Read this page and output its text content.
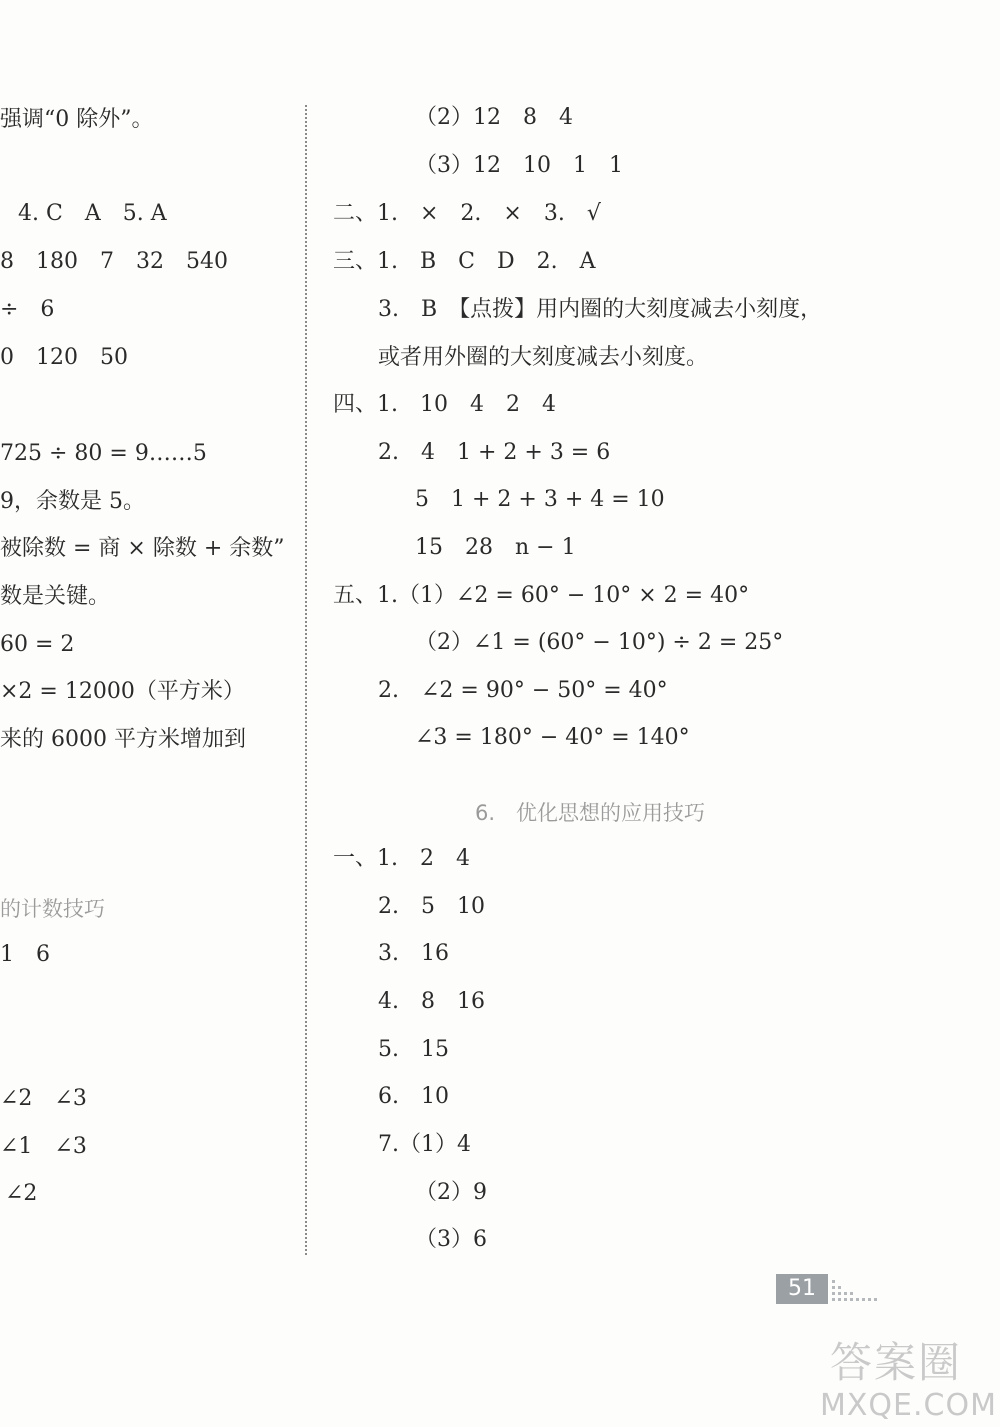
强调“0 除外”。
4. C　A　5. A
8　180　7　32　540
÷　6
0　120　50
725 ÷ 80 = 9……5
9，余数是 5。
被除数 = 商 × 除数 + 余数”
数是关键。
60 = 2
×2 = 12000（平方米）
来的 6000 平方米增加到
的计数技巧
1　6
∠2　∠3
∠1　∠3
∠2
（2）12　8　4
（3）12　10　1　1
二、1.　×　2.　×　3.　√
三、1.　B　C　D　2.　A
3.　B　【点拨】用内圈的大刻度减去小刻度，
或者用外圈的大刻度减去小刻度。
四、1.　10　4　2　4
2.　4　1 + 2 + 3 = 6
5　1 + 2 + 3 + 4 = 10
15　28　n − 1
五、1.（1）∠2 = 60° − 10° × 2 = 40°
（2）∠1 = (60° − 10°) ÷ 2 = 25°
2.　∠2 = 90° − 50° = 40°
∠3 = 180° − 40° = 140°
6.　优化思想的应用技巧
一、1.　2　4
2.　5　10
3.　16
4.　8　16
5.　15
6.　10
7.（1）4
（2）9
（3）6
51
答案圈
MXQE.COM
